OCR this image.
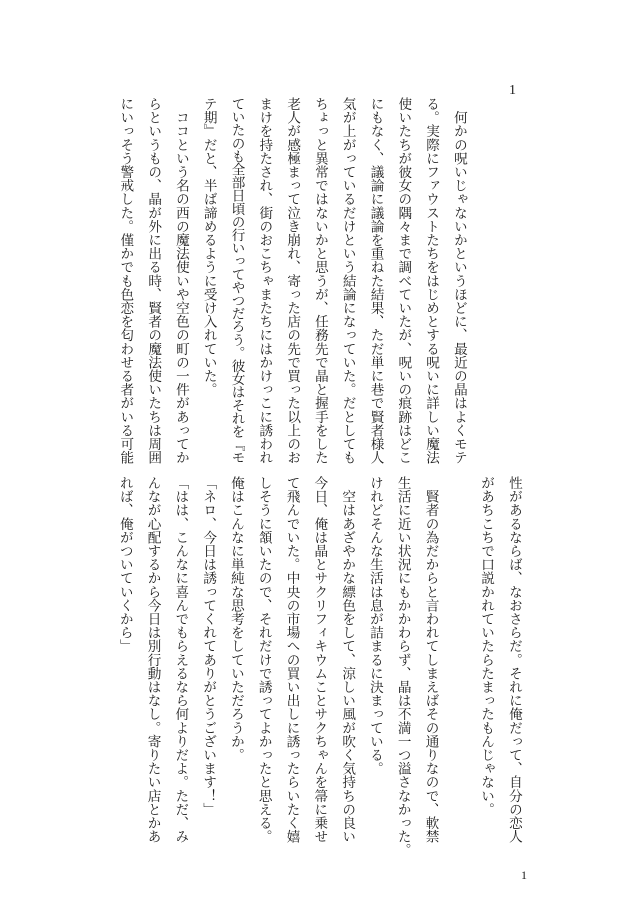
1
　何かの呪いじゃないかというほどに、最近の晶はよくモテ
る。実際にファウストたちをはじめとする呪いに詳しい魔法
使いたちが彼女の隅々まで調べていたが、呪いの痕跡はどこ
にもなく、議論に議論を重ねた結果、ただ単に巷で賢者様人
気が上がっているだけという結論になっていた。だとしても
ちょっと異常ではないかと思うが、任務先で晶と握手をした
老人が感極まって泣き崩れ、寄った店の先で買った以上のお
まけを持たされ、街のおこちゃまたちにはかけっこに誘われ
ていたのも全部日頃の行いってやつだろう。彼女はそれを『モ
テ期』だと、半ば諦めるように受け入れていた。
　ココという名の西の魔法使いや空色の町の一件があってか
らというもの、晶が外に出る時、賢者の魔法使いたちは周囲
にいっそう警戒した。僅かでも色恋を匂わせる者がいる可能
性があるならば、なおさらだ。それに俺だって、自分の恋人
があちこちで口説かれていたらたまったもんじゃない。
　賢者の為だからと言われてしまえばその通りなので、軟禁
生活に近い状況にもかかわらず、晶は不満一つ溢さなかった。
けれどそんな生活は息が詰まるに決まっている。
　空はあざやかな縹色をして、涼しい風が吹く気持ちの良い
今日、俺は晶とサクリフィキウムことサクちゃんを箒に乗せ
て飛んでいた。中央の市場への買い出しに誘ったらいたく嬉
しそうに頷いたので、それだけで誘ってよかったと思える。
俺はこんなに単純な思考をしていただろうか。
「ネロ、今日は誘ってくれてありがとうございます！」
「はは、こんなに喜んでもらえるなら何よりだよ。ただ、み
んなが心配するから今日は別行動はなし。寄りたい店とかあ
れば、俺がついていくから」
1
